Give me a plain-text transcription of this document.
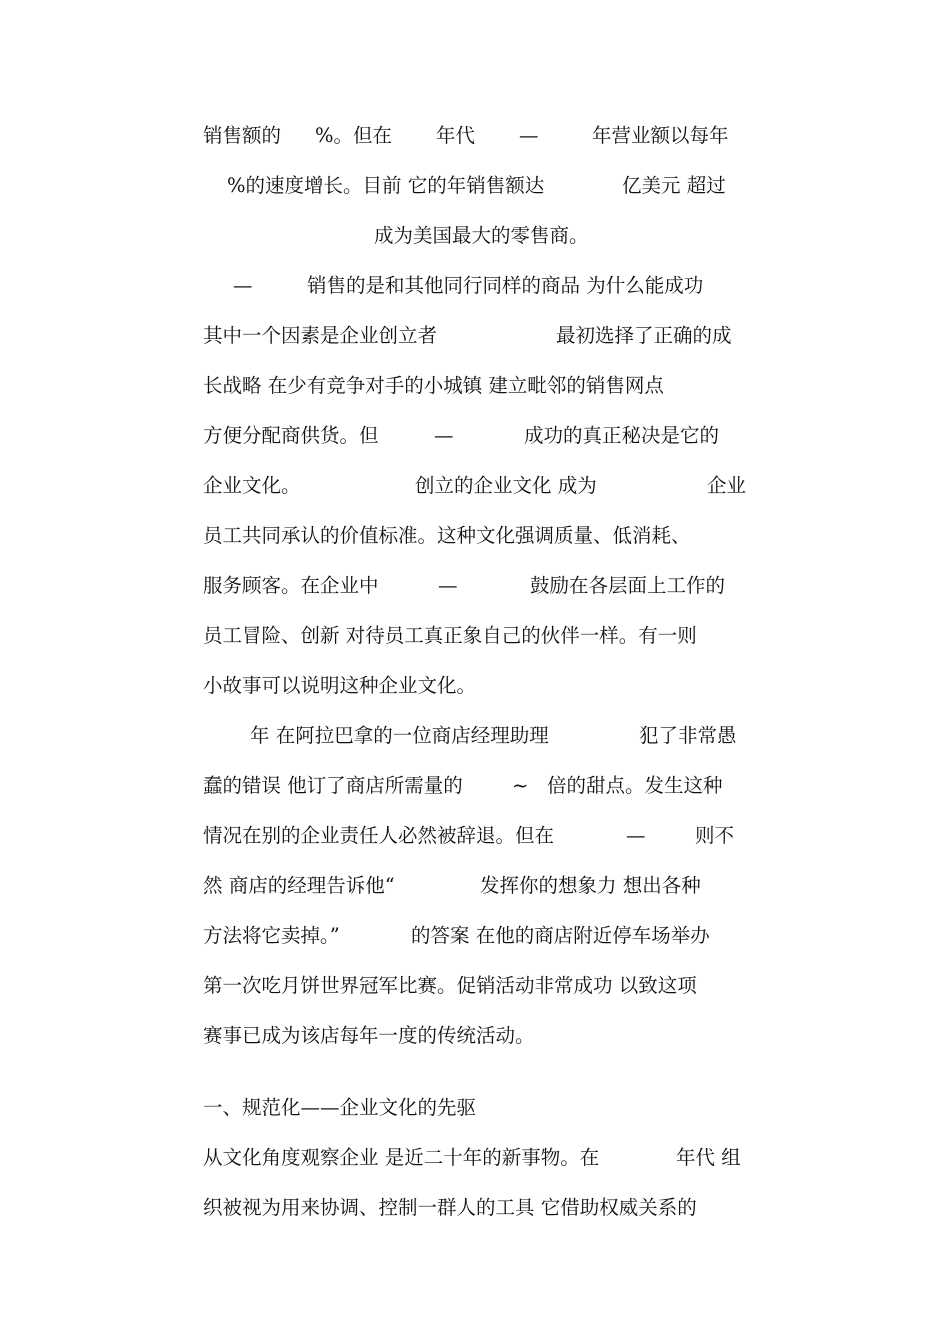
销售额的

%。但在

年代

—

	年营业额以每年

%的速度增长。目前 它的年销售额达

	亿美元 超过

成为美国最大的零售商。

—

	销售的是和其他同行同样的商品 为什么能成功

其中一个因素是企业创立者

	最初选择了正确的成

长战略 在少有竞争对手的小城镇 建立毗邻的销售网点

方便分配商供货。但

	—

	成功的真正秘决是它的

企业文化。

	创立的企业文化 成为

	企业

员工共同承认的价值标准。这种文化强调质量、低消耗、

服务顾客。在企业中

	—

	鼓励在各层面上工作的

员工冒险、创新 对待员工真正象自己的伙伴一样。有一则

小故事可以说明这种企业文化。

年 在阿拉巴拿的一位商店经理助理

	犯了非常愚

蠢的错误 他订了商店所需量的

	~

倍的甜点。发生这种

情况在别的企业责任人必然被辞退。但在

	—

	则不

然 商店的经理告诉他“

	发挥你的想象力 想出各种

方法将它卖掉。”

	的答案 在他的商店附近停车场举办

第一次吃月饼世界冠军比赛。促销活动非常成功 以致这项

赛事已成为该店每年一度的传统活动。

一、规范化——企业文化的先驱

从文化角度观察企业 是近二十年的新事物。在

	年代 组

织被视为用来协调、控制一群人的工具 它借助权威关系的
